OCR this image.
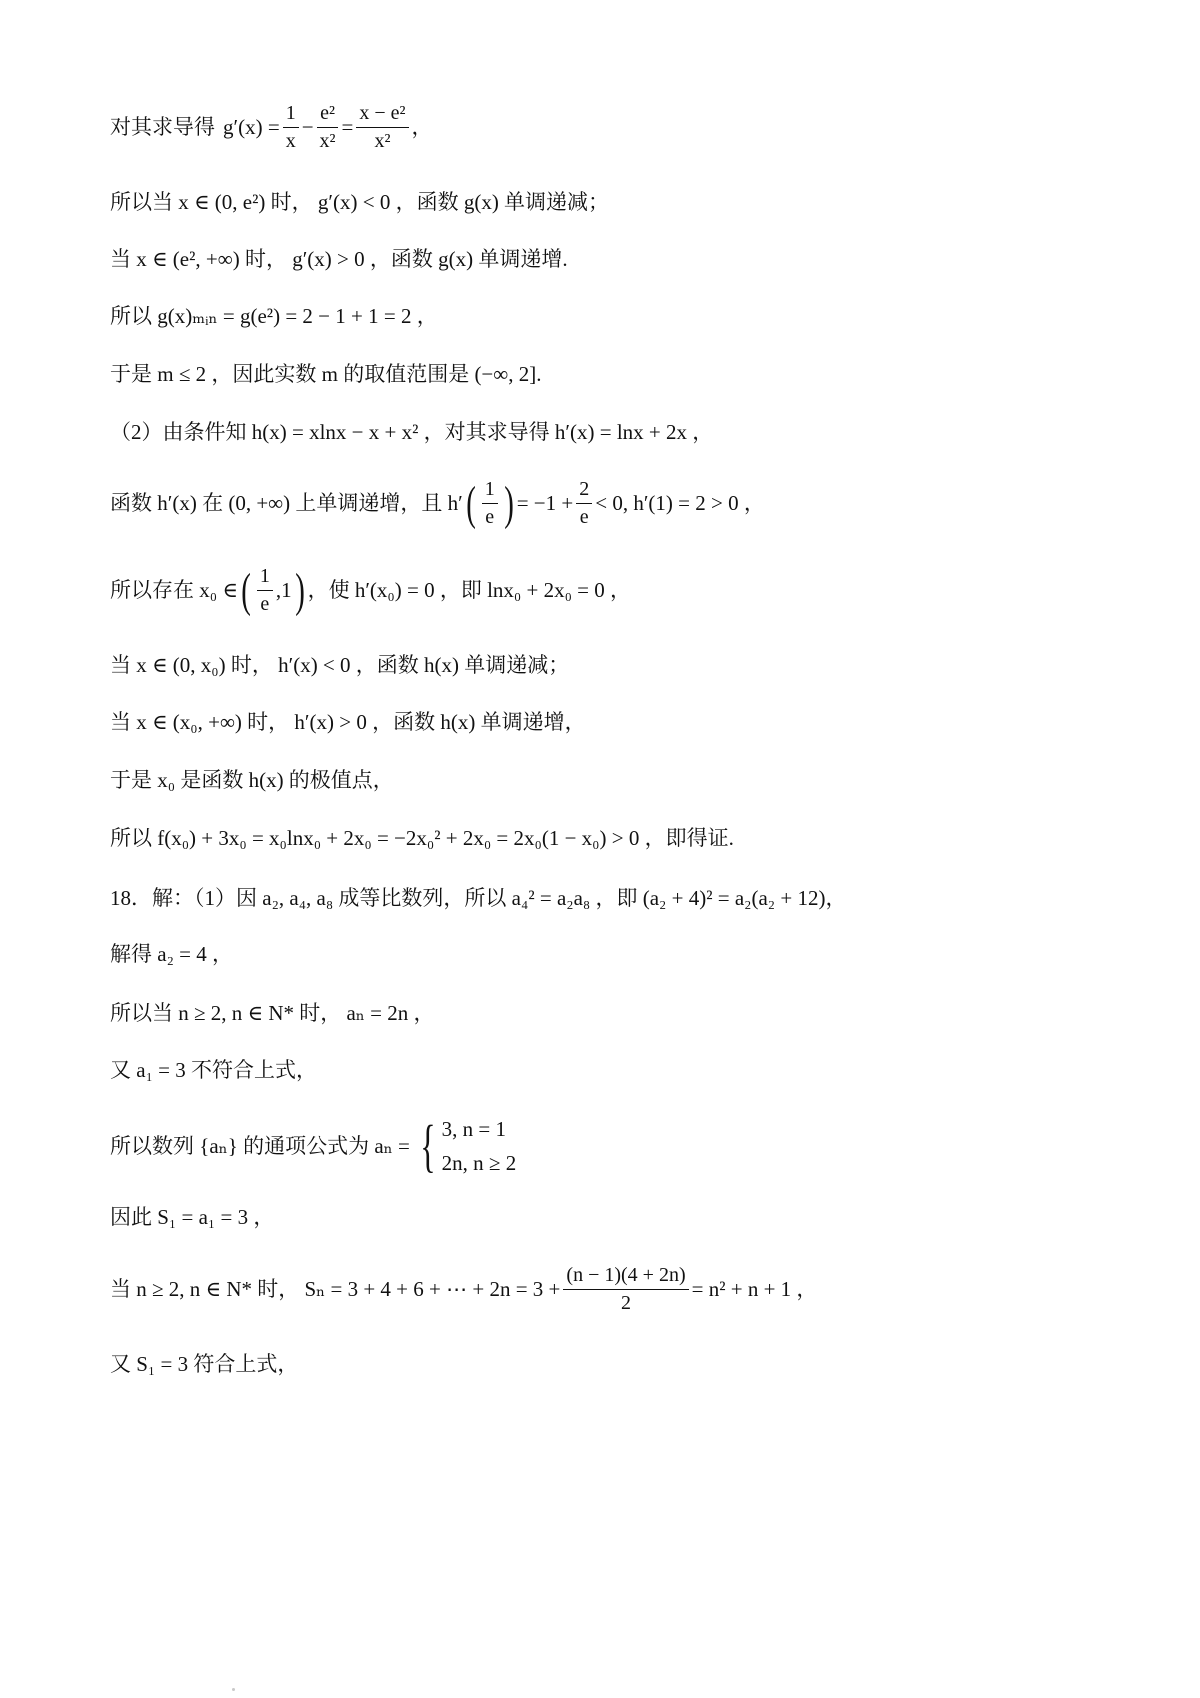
对其求导得 $g'(x) = \frac{1}{x} - \frac{\text{e²}}{\text{x²}} = \frac{\text{x − e²}}{\text{x²}}$ ，
所以当 x ∈ (0, e²) 时， g′(x) < 0 ，函数 g(x) 单调递减；
当 x ∈ (e², +∞) 时， g′(x) > 0 ，函数 g(x) 单调递增.
所以 g(x)ₘᵢₙ = g(e²) = 2 − 1 + 1 = 2 ，
于是 m ≤ 2 ，因此实数 m 的取值范围是 (−∞, 2].
（2）由条件知 h(x) = xlnx − x + x² ，对其求导得 h′(x) = lnx + 2x ，
函数 h′(x) 在 (0, +∞) 上单调递增，且 h′ ( $\frac{1}{e}$ ) = $-1 + \frac{2}{e} < 0$, h′(1) = 2 > 0 ，
所以存在 x₀ ∈ ( $\frac{1}{e} ,1$ ) ，使 h′(x₀) = 0 ，即 lnx₀ + 2x₀ = 0 ，
当 x ∈ (0, x₀) 时， h′(x) < 0 ，函数 h(x) 单调递减；
当 x ∈ (x₀, +∞) 时， h′(x) > 0 ，函数 h(x) 单调递增，
于是 x₀ 是函数 h(x) 的极值点，
所以 f(x₀) + 3x₀ = x₀lnx₀ + 2x₀ = −2x₀² + 2x₀ = 2x₀(1 − x₀) > 0 ，即得证.
18．解：（1）因 a₂, a₄, a₈ 成等比数列，所以 a₄² = a₂a₈ ，即 (a₂ + 4)² = a₂(a₂ + 12)，
解得 a₂ = 4 ，
所以当 n ≥ 2, n ∈ N* 时， aₙ = 2n ，
又 a₁ = 3 不符合上式，
所以数列 {aₙ} 的通项公式为 aₙ = { 3, n = 1
2n, n ≥ 2
因此 S₁ = a₁ = 3 ，
当 n ≥ 2, n ∈ N* 时， Sₙ = 3 + 4 + 6 + ⋯ + $2n = 3 + \frac{(n - 1)(4 + 2n)}{2} = n^2 + n + 1$ ，
又 S₁ = 3 符合上式，
